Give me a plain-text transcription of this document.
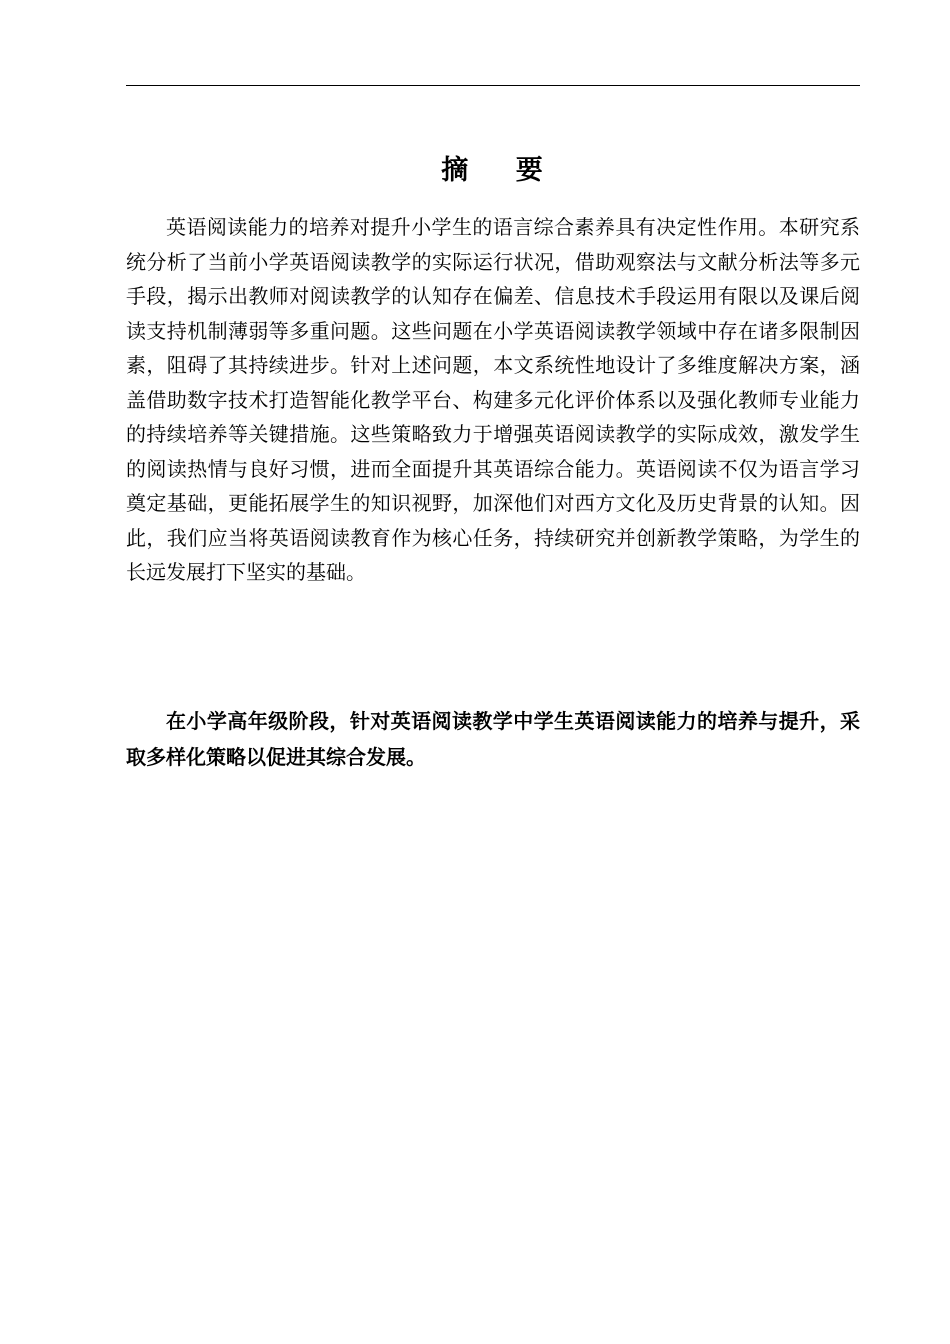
摘    要

英语阅读能力的培养对提升小学生的语言综合素养具有决定性作用。本研究系统分析了当前小学英语阅读教学的实际运行状况，借助观察法与文献分析法等多元手段，揭示出教师对阅读教学的认知存在偏差、信息技术手段运用有限以及课后阅读支持机制薄弱等多重问题。这些问题在小学英语阅读教学领域中存在诸多限制因素，阻碍了其持续进步。针对上述问题，本文系统性地设计了多维度解决方案，涵盖借助数字技术打造智能化教学平台、构建多元化评价体系以及强化教师专业能力的持续培养等关键措施。这些策略致力于增强英语阅读教学的实际成效，激发学生的阅读热情与良好习惯，进而全面提升其英语综合能力。英语阅读不仅为语言学习奠定基础，更能拓展学生的知识视野，加深他们对西方文化及历史背景的认知。因此，我们应当将英语阅读教育作为核心任务，持续研究并创新教学策略，为学生的长远发展打下坚实的基础。

在小学高年级阶段，针对英语阅读教学中学生英语阅读能力的培养与提升，采取多样化策略以促进其综合发展。
